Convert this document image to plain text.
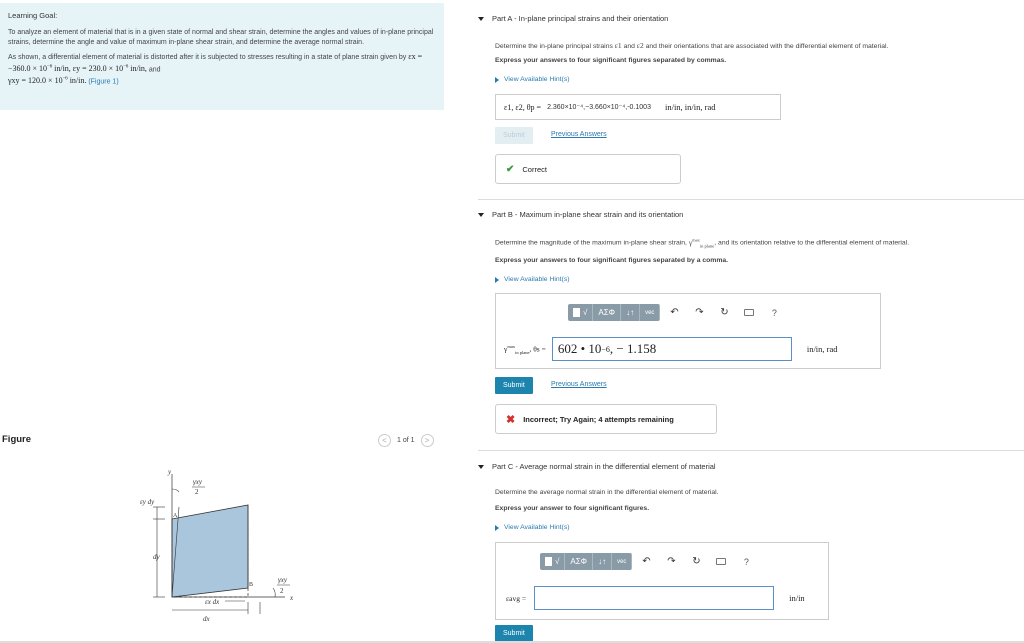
Learning Goal:
To analyze an element of material that is in a given state of normal and shear strain, determine the angles and values of in-plane principal strains, determine the angle and value of maximum in-plane shear strain, and determine the average normal strain.
As shown, a differential element of material is distorted after it is subjected to stresses resulting in a state of plane strain given by $\varepsilon x = -360.0 \times 10^{-6}$ in/in, $\varepsilon y = 230.0 \times 10^{-6}$ in/in, and
$\gamma xy = 120.0 \times 10^{-6}$ in/in. (Figure 1)
Figure	< 1 of 1 >
y
x
A
B
εy dy
dy
εx dx
dx
γxy
2
γxy
2
Part A - In-plane principal strains and their orientation
Determine the in-plane principal strains ε1 and ε2 and their orientations that are associated with the differential element of material.
Express your answers to four significant figures separated by commas.
View Available Hint(s)
ε1, ε2, θp = 2.360×10⁻⁴,−3.660×10⁻⁴,-0.1003 in/in, in/in, rad
Submit	Previous Answers
✔ Correct
Part B - Maximum in-plane shear strain and its orientation
Determine the magnitude of the maximum in-plane shear strain, $\gamma^{max}_{in plane}$, and its orientation relative to the differential element of material.
Express your answers to four significant figures separated by a comma.
View Available Hint(s)
√	ΑΣΦ	↓↑	vec	↶	↷	↻	?
$\gamma^{max}_{in plane}$, θs = 602 • 10 −6 , − 1.158	in/in, rad
Submit	Previous Answers
✖ Incorrect; Try Again; 4 attempts remaining
Part C - Average normal strain in the differential element of material
Determine the average normal strain in the differential element of material.
Express your answer to four significant figures.
View Available Hint(s)
√	ΑΣΦ	↓↑	vec	↶	↷	↻	?
εavg =	in/in
Submit
